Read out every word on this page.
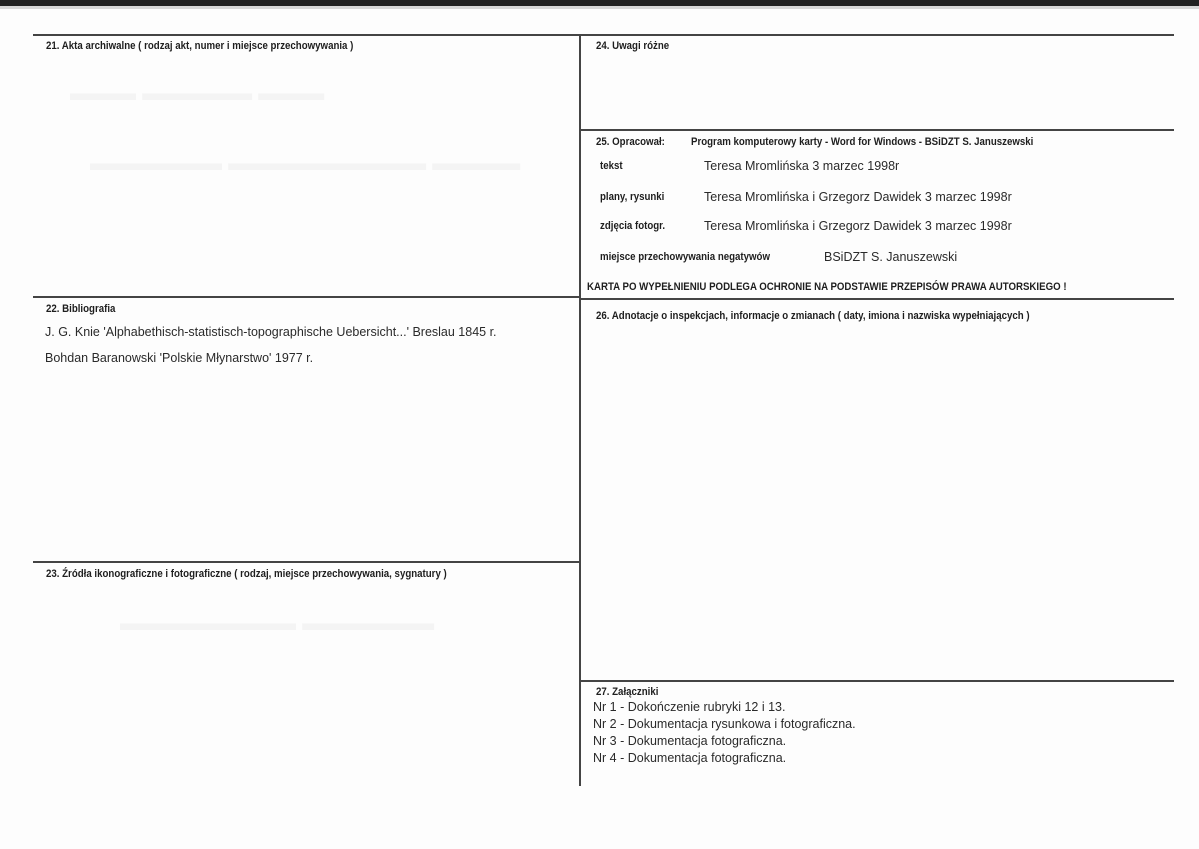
21. Akta archiwalne ( rodzaj akt, numer i miejsce przechowywania )
22. Bibliografia
J. G. Knie 'Alphabethisch-statistisch-topographische Uebersicht...' Breslau 1845 r.
Bohdan Baranowski 'Polskie Młynarstwo' 1977 r.
23. Źródła ikonograficzne i fotograficzne ( rodzaj, miejsce przechowywania, sygnatury )
24. Uwagi różne
25. Opracował: Program komputerowy karty - Word for Windows - BSiDZT S. Januszewski
tekst	Teresa Mromlińska 3 marzec 1998r
plany, rysunki	Teresa Mromlińska i Grzegorz Dawidek 3 marzec 1998r
zdjęcia fotogr.	Teresa Mromlińska i Grzegorz Dawidek 3 marzec 1998r
miejsce przechowywania negatywów	BSiDZT S. Januszewski
KARTA PO WYPEŁNIENIU PODLEGA OCHRONIE NA PODSTAWIE PRZEPISÓW PRAWA AUTORSKIEGO !
26. Adnotacje o inspekcjach, informacje o zmianach ( daty, imiona i nazwiska wypełniających )
27. Załączniki
Nr 1 - Dokończenie rubryki 12 i 13.
Nr 2 - Dokumentacja rysunkowa i fotograficzna.
Nr 3 - Dokumentacja fotograficzna.
Nr 4 - Dokumentacja fotograficzna.
